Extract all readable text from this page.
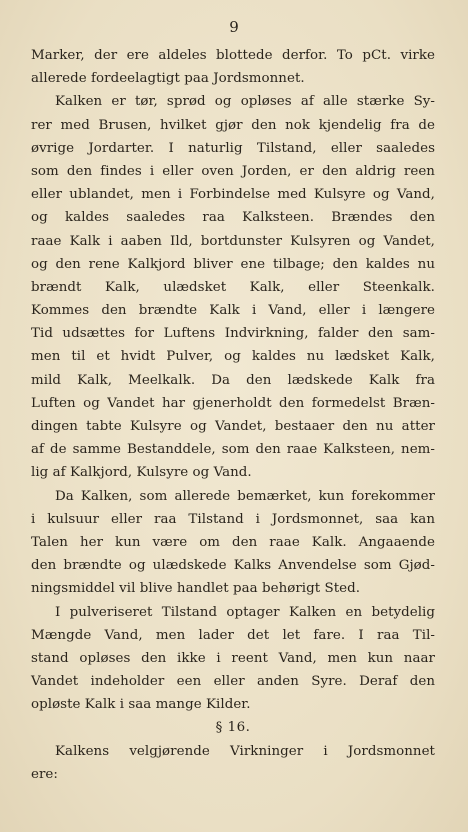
9
Marker, der ere aldeles blottede derfor. To pCt. virke
allerede fordeelagtigt paa Jordsmonnet.
Kalken er tør, sprød og opløses af alle stærke Sy-
rer med Brusen, hvilket gjør den nok kjendelig fra de
øvrige Jordarter. I naturlig Tilstand, eller saaledes
som den findes i eller oven Jorden, er den aldrig reen
eller ublandet, men i Forbindelse med Kulsyre og Vand,
og kaldes saaledes raa Kalksteen. Brændes den
raae Kalk i aaben Ild, bortdunster Kulsyren og Vandet,
og den rene Kalkjord bliver ene tilbage; den kaldes nu
brændt Kalk, ulædsket Kalk, eller Steenkalk.
Kommes den brændte Kalk i Vand, eller i længere
Tid udsættes for Luftens Indvirkning, falder den sam-
men til et hvidt Pulver, og kaldes nu lædsket Kalk,
mild Kalk, Meelkalk. Da den lædskede Kalk fra
Luften og Vandet har gjenerholdt den formedelst Bræn-
dingen tabte Kulsyre og Vandet, bestaaer den nu atter
af de samme Bestanddele, som den raae Kalksteen, nem-
lig af Kalkjord, Kulsyre og Vand.
Da Kalken, som allerede bemærket, kun forekommer
i kulsuur eller raa Tilstand i Jordsmonnet, saa kan
Talen her kun være om den raae Kalk. Angaaende
den brændte og ulædskede Kalks Anvendelse som Gjød-
ningsmiddel vil blive handlet paa behørigt Sted.
I pulveriseret Tilstand optager Kalken en betydelig
Mængde Vand, men lader det let fare. I raa Til-
stand opløses den ikke i reent Vand, men kun naar
Vandet indeholder een eller anden Syre. Deraf den
opløste Kalk i saa mange Kilder.
§ 16.
Kalkens velgjørende Virkninger i Jordsmonnet
ere:
